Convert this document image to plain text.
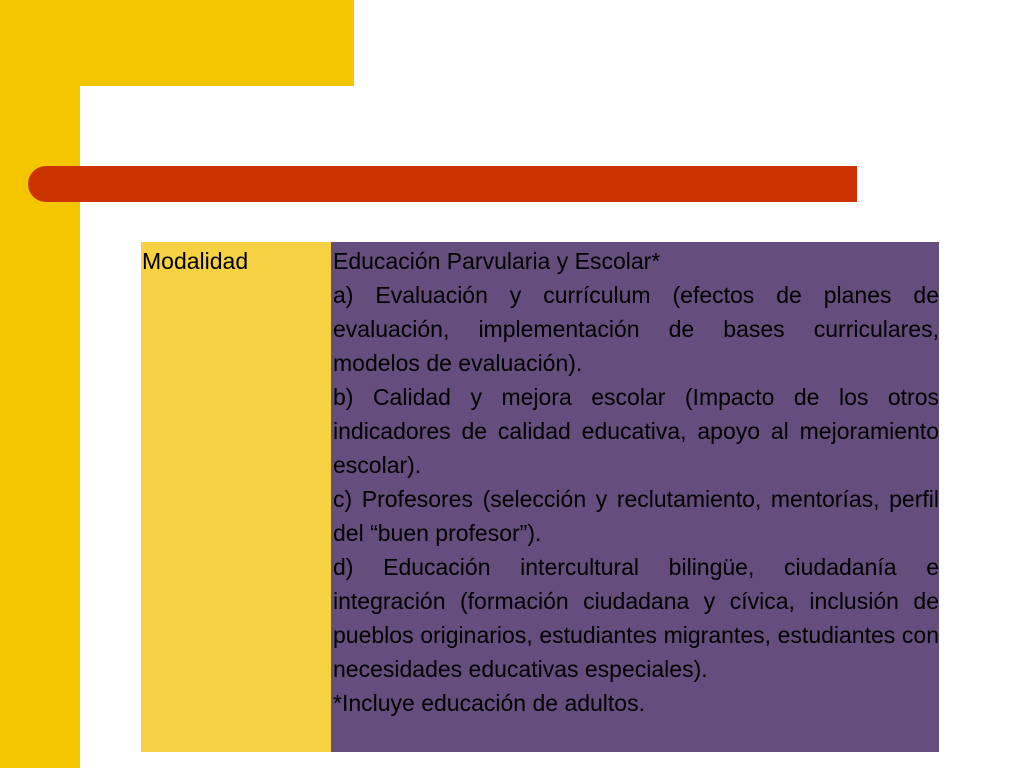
Modalidad	Educación Parvularia y Escolar*

a) Evaluación y currículum (efectos de planes de evaluación, implementación de bases curriculares, modelos de evaluación).

b) Calidad y mejora escolar (Impacto de los otros indicadores de calidad educativa, apoyo al mejoramiento escolar).

c) Profesores (selección y reclutamiento, mentorías, perfil del “buen profesor”).

d) Educación intercultural bilingüe, ciudadanía e integración (formación ciudadana y cívica, inclusión de pueblos originarios, estudiantes migrantes, estudiantes con necesidades educativas especiales).

*Incluye educación de adultos.
